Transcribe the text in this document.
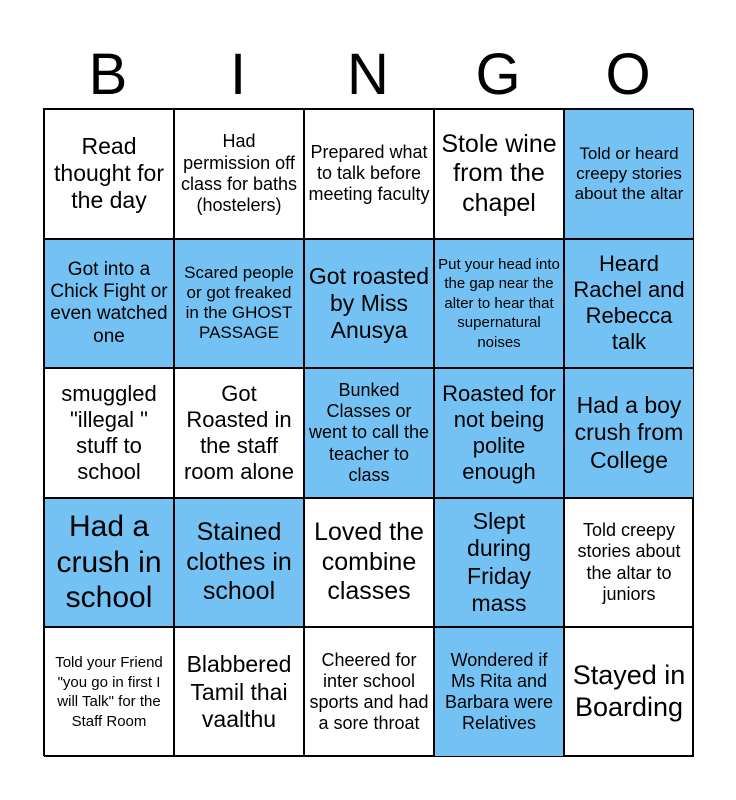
B	I	N	G	O
Read thought for the day
Had permission off class for baths (hostelers)
Prepared what to talk before meeting faculty
Stole wine from the chapel
Told or heard creepy stories about the altar
Got into a Chick Fight or even watched one
Scared people or got freaked in the GHOST PASSAGE
Got roasted by Miss Anusya
Put your head into the gap near the alter to hear that supernatural noises
Heard Rachel and Rebecca talk
smuggled "illegal " stuff to school
Got Roasted in the staff room alone
Bunked Classes or went to call the teacher to class
Roasted for not being polite enough
Had a boy crush from College
Had a crush in school
Stained clothes in school
Loved the combine classes
Slept during Friday mass
Told creepy stories about the altar to juniors
Told your Friend "you go in first I will Talk" for the Staff Room
Blabbered Tamil thai vaalthu
Cheered for inter school sports and had a sore throat
Wondered if Ms Rita and Barbara were Relatives
Stayed in Boarding
